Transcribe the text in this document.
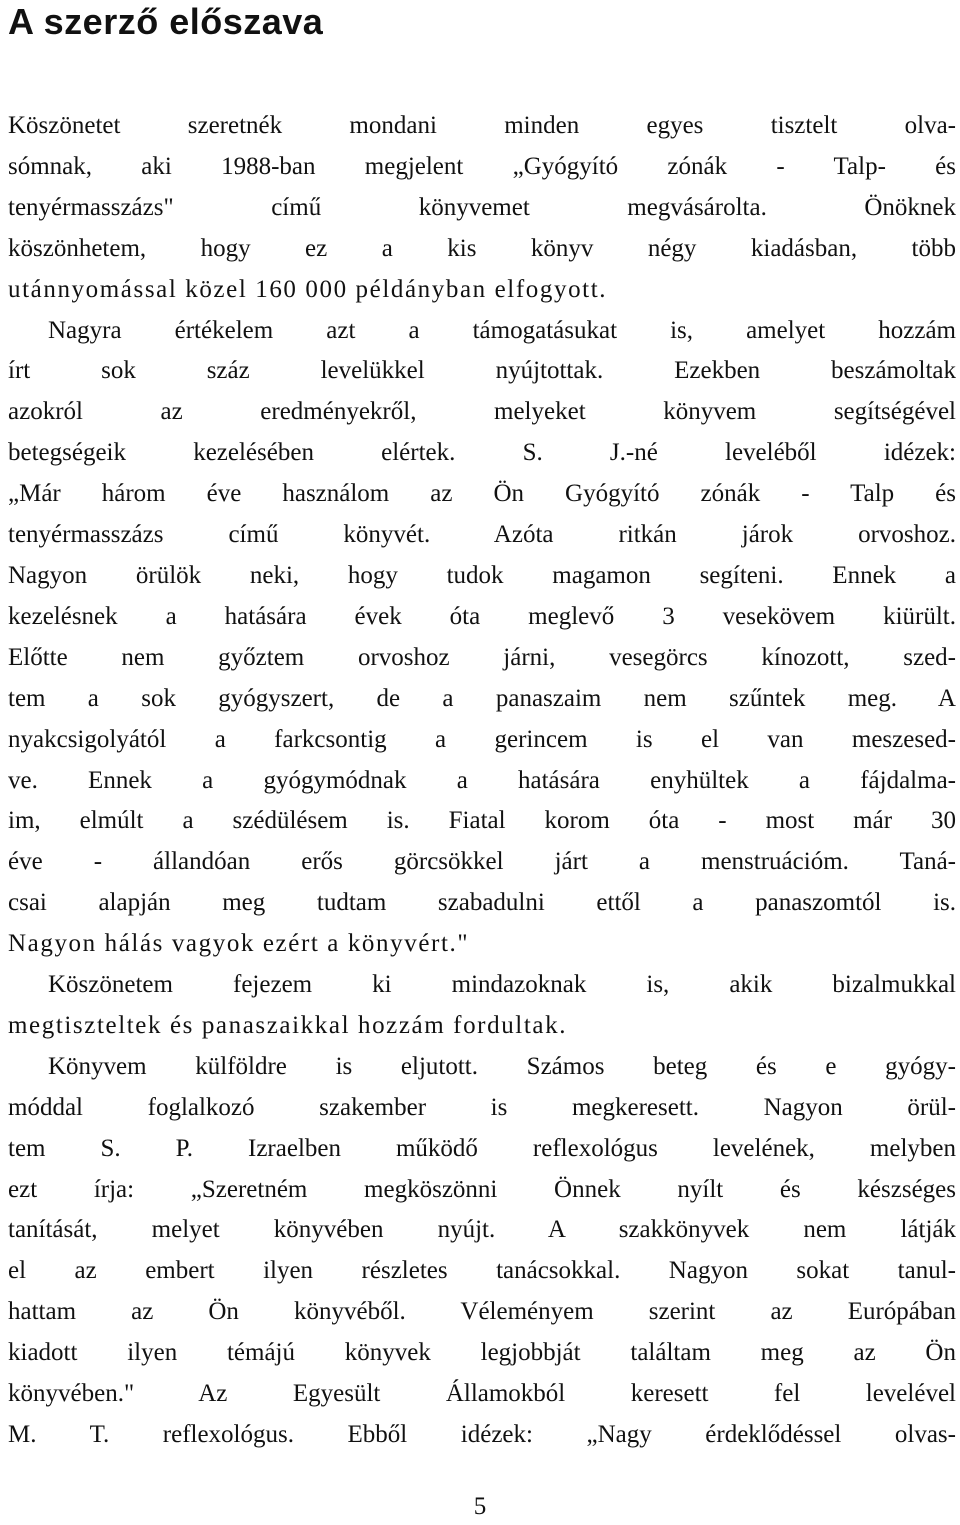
A szerző előszava
Köszönetet szeretnék mondani minden egyes tisztelt olva-
sómnak, aki 1988-ban megjelent „Gyógyító zónák - Talp- és
tenyérmasszázs" című könyvemet megvásárolta. Önöknek
köszönhetem, hogy ez a kis könyv négy kiadásban, több
utánnyomással közel 160 000 példányban elfogyott.
Nagyra értékelem azt a támogatásukat is, amelyet hozzám
írt sok száz levelükkel nyújtottak. Ezekben beszámoltak
azokról az eredményekről, melyeket könyvem segítségével
betegségeik kezelésében elértek. S. J.-né leveléből idézek:
„Már három éve használom az Ön Gyógyító zónák - Talp és
tenyérmasszázs című könyvét. Azóta ritkán járok orvoshoz.
Nagyon örülök neki, hogy tudok magamon segíteni. Ennek a
kezelésnek a hatására évek óta meglevő 3 vesekövem kiürült.
Előtte nem győztem orvoshoz járni, vesegörcs kínozott, szed-
tem a sok gyógyszert, de a panaszaim nem szűntek meg. A
nyakcsigolyától a farkcsontig a gerincem is el van meszesed-
ve. Ennek a gyógymódnak a hatására enyhültek a fájdalma-
im, elmúlt a szédülésem is. Fiatal korom óta - most már 30
éve - állandóan erős görcsökkel járt a menstruációm. Taná-
csai alapján meg tudtam szabadulni ettől a panaszomtól is.
Nagyon hálás vagyok ezért a könyvért."
Köszönetem fejezem ki mindazoknak is, akik bizalmukkal
megtiszteltek és panaszaikkal hozzám fordultak.
Könyvem külföldre is eljutott. Számos beteg és e gyógy-
móddal foglalkozó szakember is megkeresett. Nagyon örül-
tem S. P. Izraelben működő reflexológus levelének, melyben
ezt írja: „Szeretném megköszönni Önnek nyílt és készséges
tanítását, melyet könyvében nyújt. A szakkönyvek nem látják
el az embert ilyen részletes tanácsokkal. Nagyon sokat tanul-
hattam az Ön könyvéből. Véleményem szerint az Európában
kiadott ilyen témájú könyvek legjobbját találtam meg az Ön
könyvében." Az Egyesült Államokból keresett fel levelével
M. T. reflexológus. Ebből idézek: „Nagy érdeklődéssel olvas-
5
